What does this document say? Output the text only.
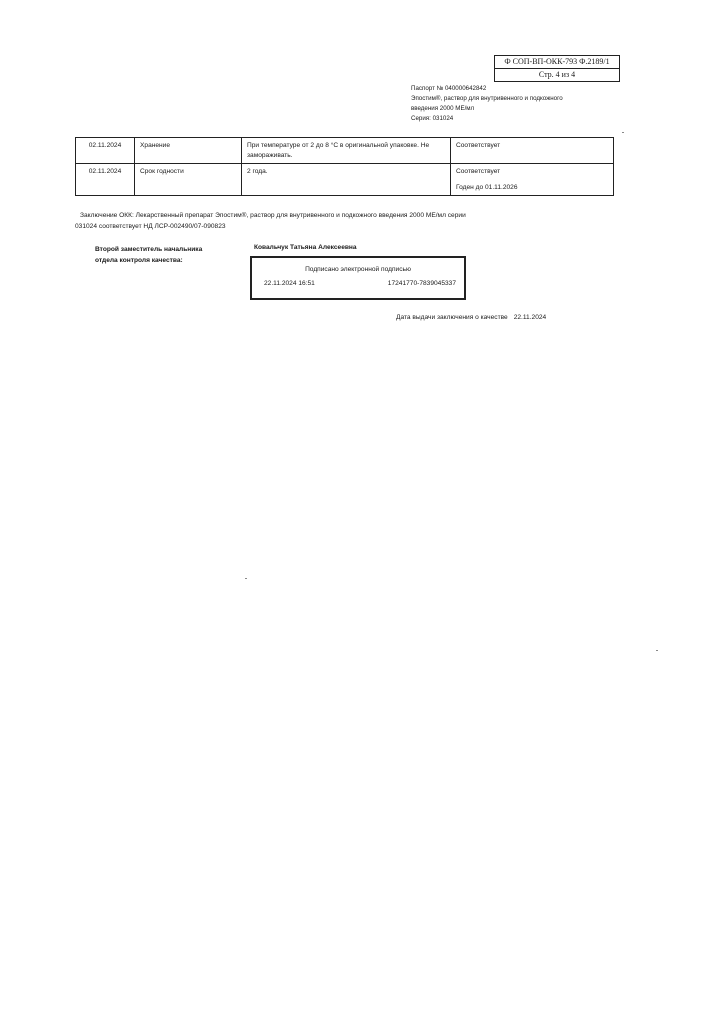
Ф СОП-ВП-ОКК-793 Ф.2189/1
Стр. 4 из 4
Паспорт № 040000642842
Эпостим®, раствор для внутривенного и подкожного
введения 2000 МЕ/мл
Серия: 031024
02.11.2024	Хранение	При температуре от 2 до 8 °C в оригинальной упаковке. Не замораживать.	Соответствует
02.11.2024	Срок годности	2 года.	Соответствует
Годен до 01.11.2026
Заключение ОКК: Лекарственный препарат Эпостим®, раствор для внутривенного и подкожного введения 2000 МЕ/мл серии
031024 соответствует НД ЛСР-002490/07-090823
Второй заместитель начальника
отдела контроля качества:
Ковальчук Татьяна Алексеевна
Подписано электронной подписью
22.11.2024 16:51	17241770-7839045337
Дата выдачи заключения о качестве 22.11.2024
